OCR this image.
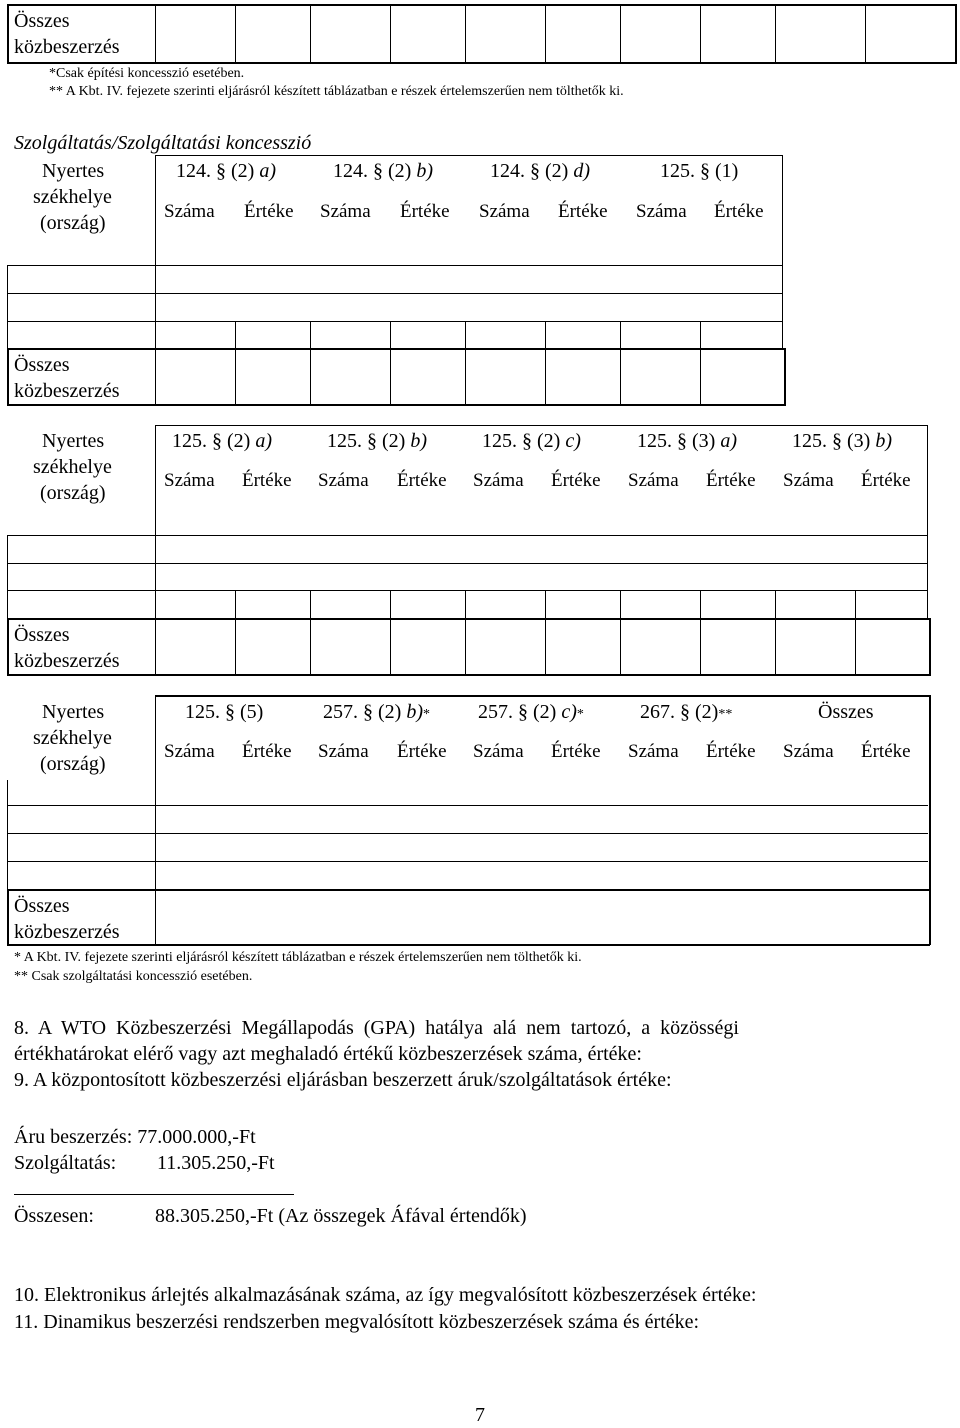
Összes
közbeszerzés
*Csak építési koncesszió esetében.
** A Kbt. IV. fejezete szerinti eljárásról készített táblázatban e részek értelemszerűen nem tölthetők ki.
Szolgáltatás/Szolgáltatási koncesszió
Nyertes
székhelye
(ország)
124. § (2) a)	124. § (2) b)	124. § (2) d)	125. § (1)
Száma Értéke Száma Értéke Száma Értéke Száma Értéke
Összes
közbeszerzés
Nyertes
székhelye
(ország)
125. § (2) a)	125. § (2) b)	125. § (2) c)	125. § (3) a)	125. § (3) b)
Száma Értéke Száma Értéke Száma Értéke Száma Értéke Száma Értéke
Összes
közbeszerzés
Nyertes
székhelye
(ország)
125. § (5)	257. § (2) b)* 257. § (2) c)*	267. § (2)**	Összes
Száma Értéke Száma Értéke Száma Értéke Száma Értéke Száma Értéke
Összes
közbeszerzés
* A Kbt. IV. fejezete szerinti eljárásról készített táblázatban e részek értelemszerűen nem tölthetők ki.
** Csak szolgáltatási koncesszió esetében.
8. A WTO Közbeszerzési Megállapodás (GPA) hatálya alá nem tartozó, a közösségi
értékhatárokat elérő vagy azt meghaladó értékű közbeszerzések száma, értéke:
9. A központosított közbeszerzési eljárásban beszerzett áruk/szolgáltatások értéke:
Áru beszerzés: 77.000.000,-Ft
Szolgáltatás: 11.305.250,-Ft
Összesen:	88.305.250,-Ft (Az összegek Áfával értendők)
10. Elektronikus árlejtés alkalmazásának száma, az így megvalósított közbeszerzések értéke:
11. Dinamikus beszerzési rendszerben megvalósított közbeszerzések száma és értéke:
7
